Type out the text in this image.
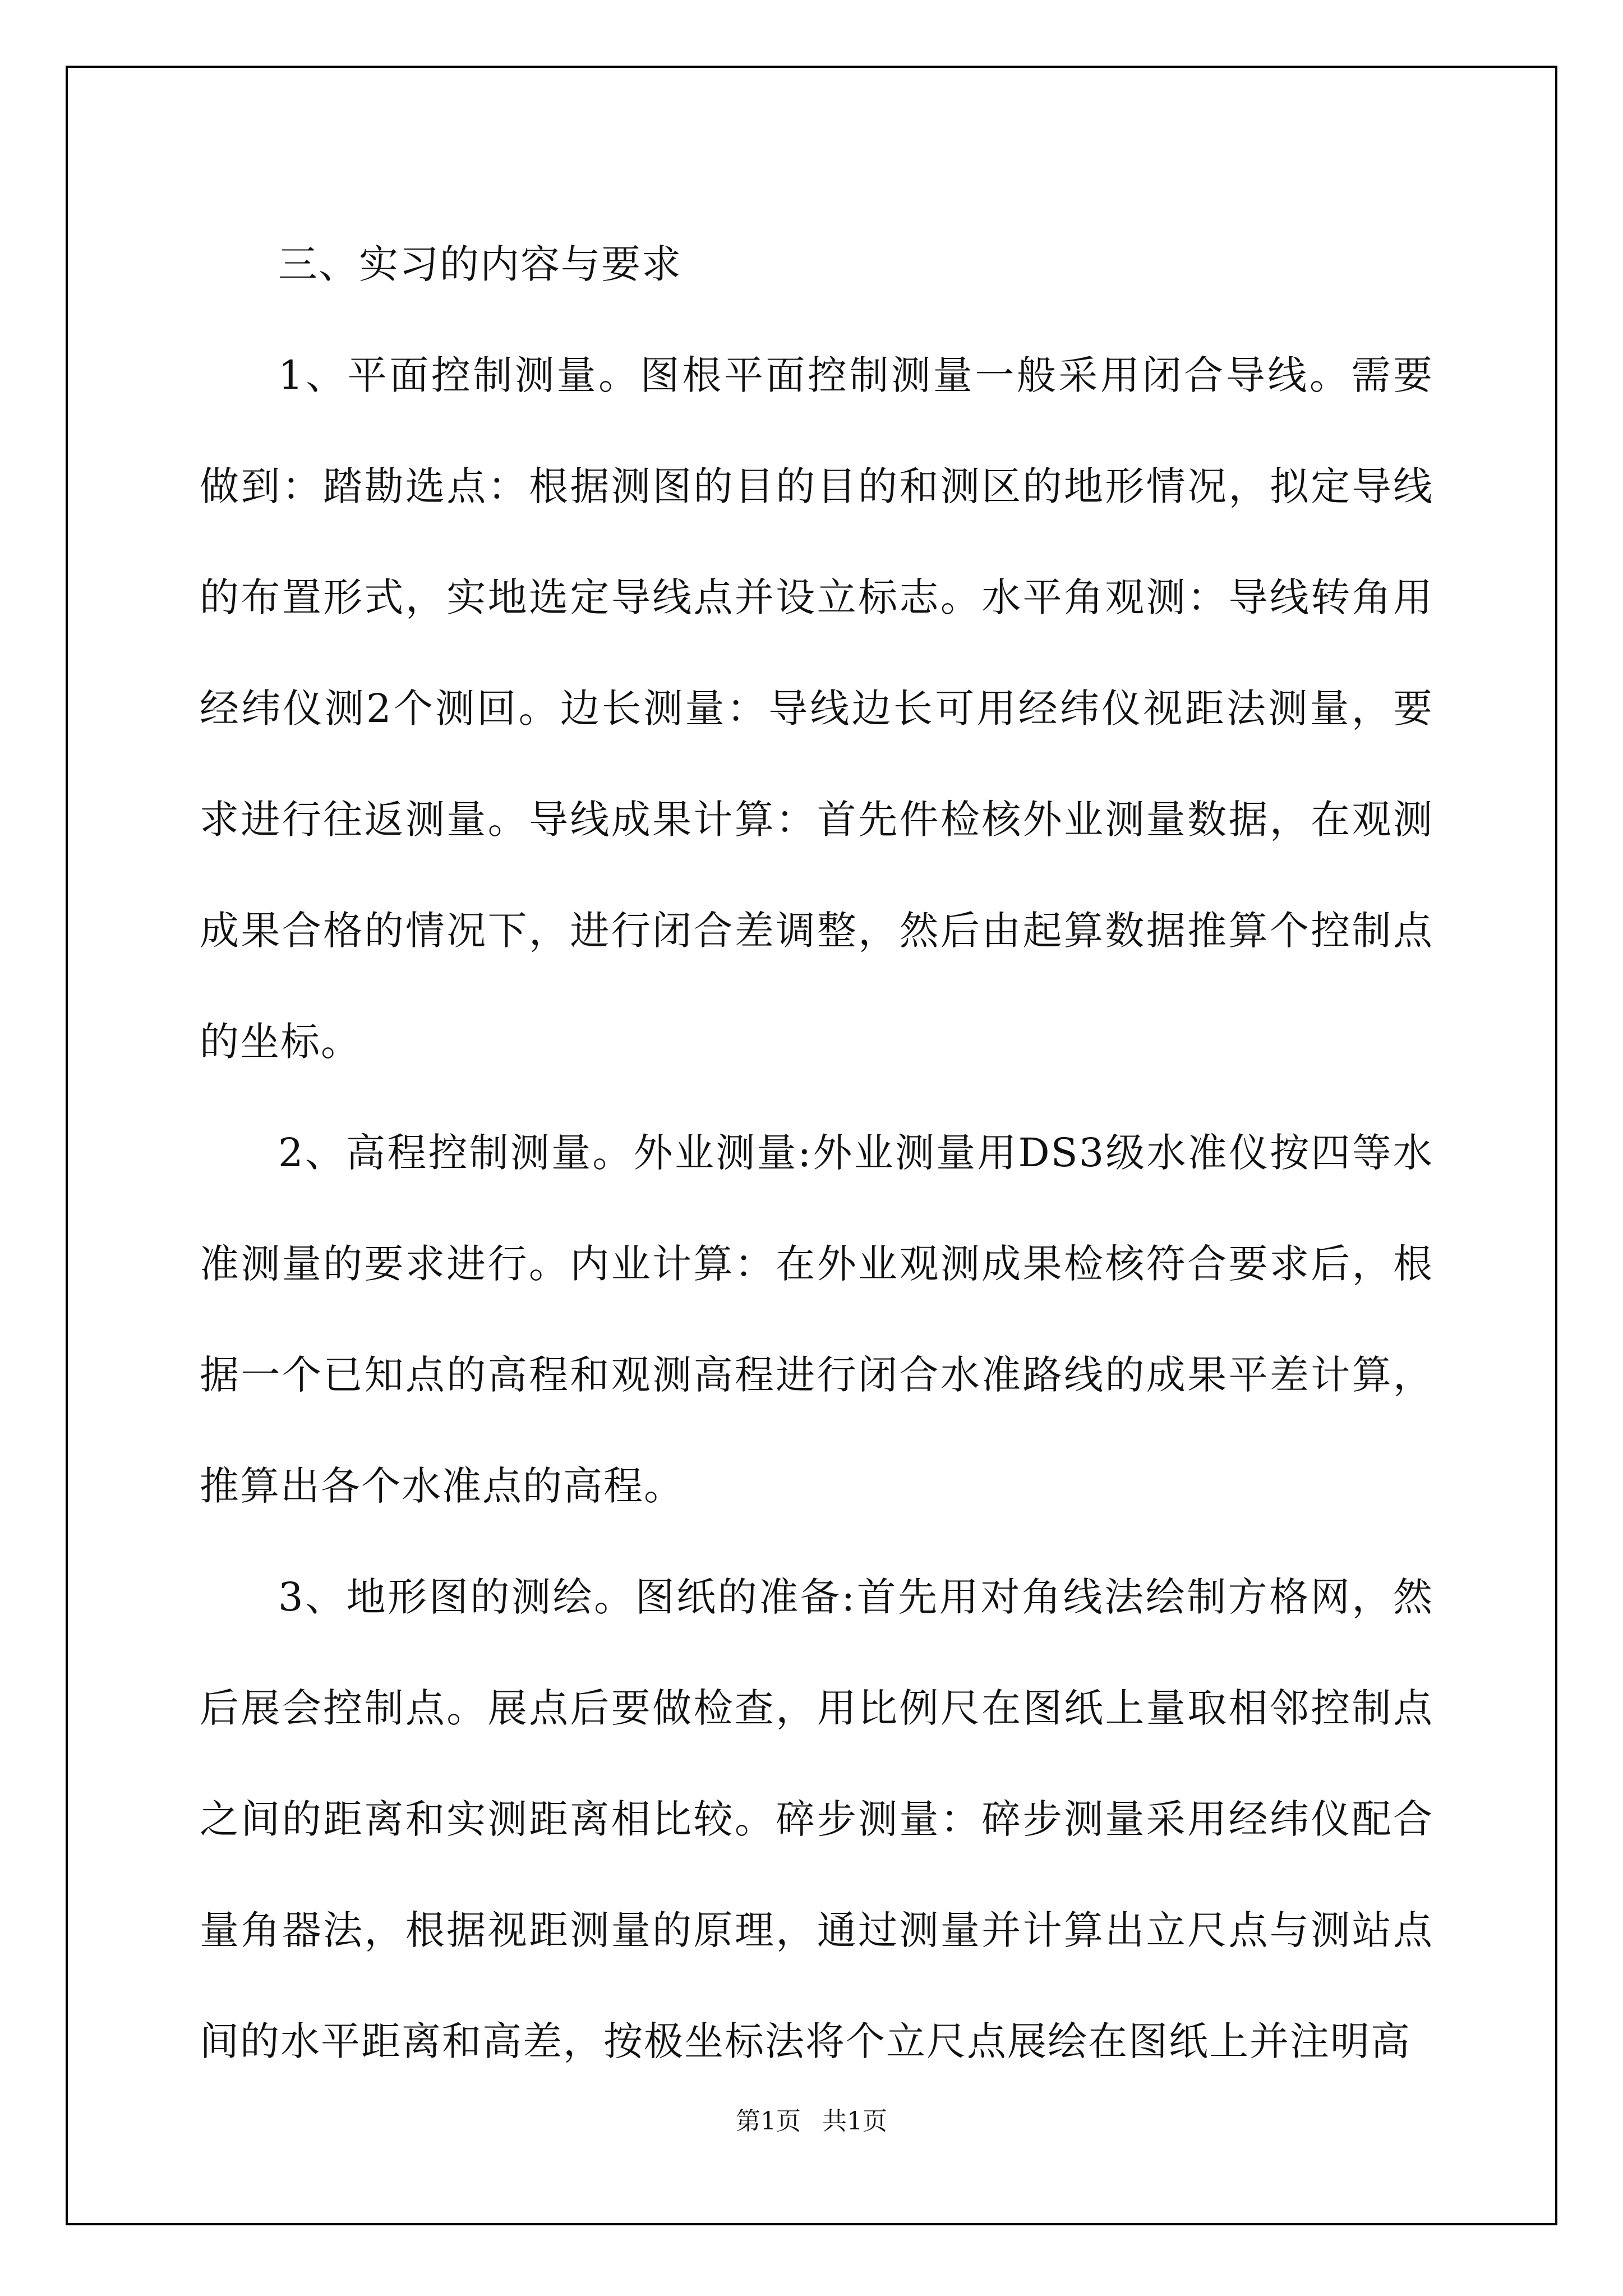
三、实习的内容与要求

1、平面控制测量。图根平面控制测量一般采用闭合导线。需要做到：踏勘选点：根据测图的目的目的和测区的地形情况，拟定导线的布置形式，实地选定导线点并设立标志。水平角观测：导线转角用经纬仪测2个测回。边长测量：导线边长可用经纬仪视距法测量，要求进行往返测量。导线成果计算：首先件检核外业测量数据，在观测成果合格的情况下，进行闭合差调整，然后由起算数据推算个控制点的坐标。

2、高程控制测量。外业测量:外业测量用DS3级水准仪按四等水准测量的要求进行。内业计算：在外业观测成果检核符合要求后，根据一个已知点的高程和观测高程进行闭合水准路线的成果平差计算，推算出各个水准点的高程。

3、地形图的测绘。图纸的准备:首先用对角线法绘制方格网，然后展会控制点。展点后要做检查，用比例尺在图纸上量取相邻控制点之间的距离和实测距离相比较。碎步测量：碎步测量采用经纬仪配合量角器法，根据视距测量的原理，通过测量并计算出立尺点与测站点间的水平距离和高差，按极坐标法将个立尺点展绘在图纸上并注明高

第1页 共1页
